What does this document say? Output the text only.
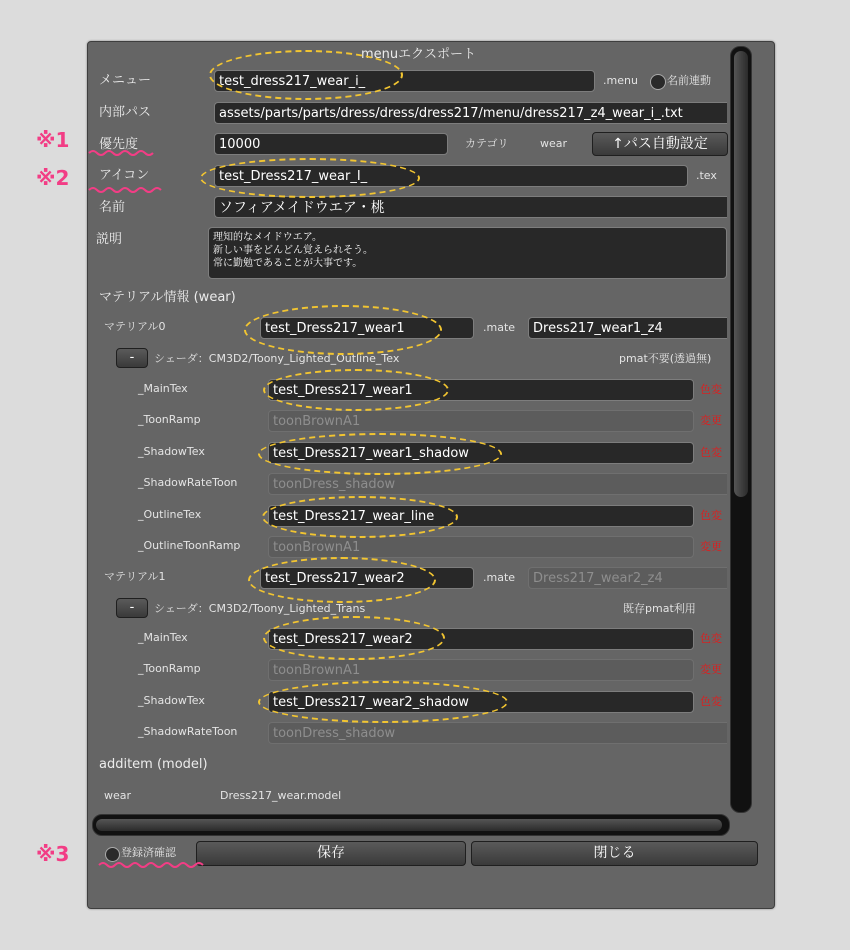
※1
※2
※3
menuエクスポート
メニュー	test_dress217_wear_i_	.menu	名前連動
内部パス	assets/parts/parts/dress/dress/dress217/menu/dress217_z4_wear_i_.txt
優先度	10000	カテゴリ	wear	↑パス自動設定
アイコン	test_Dress217_wear_I_	.tex
名前	ソフィアメイドウエア・桃
説明	理知的なメイドウエア。
新しい事をどんどん覚えられそう。
常に勤勉であることが大事です。
マテリアル情報 (wear)
マテリアル0	test_Dress217_wear1	.mate	Dress217_wear1_z4
-	シェーダ：CM3D2/Toony_Lighted_Outline_Tex	pmat不要(透過無)
_MainTex	test_Dress217_wear1	色変
_ToonRamp	toonBrownA1	変更
_ShadowTex	test_Dress217_wear1_shadow	色変
_ShadowRateToon	toonDress_shadow
_OutlineTex	test_Dress217_wear_line	色変
_OutlineToonRamp	toonBrownA1	変更
マテリアル1	test_Dress217_wear2	.mate	Dress217_wear2_z4
-	シェーダ：CM3D2/Toony_Lighted_Trans	既存pmat利用
_MainTex	test_Dress217_wear2	色変
_ToonRamp	toonBrownA1	変更
_ShadowTex	test_Dress217_wear2_shadow	色変
_ShadowRateToon	toonDress_shadow
additem (model)
wear	Dress217_wear.model
登録済確認	保存	閉じる
